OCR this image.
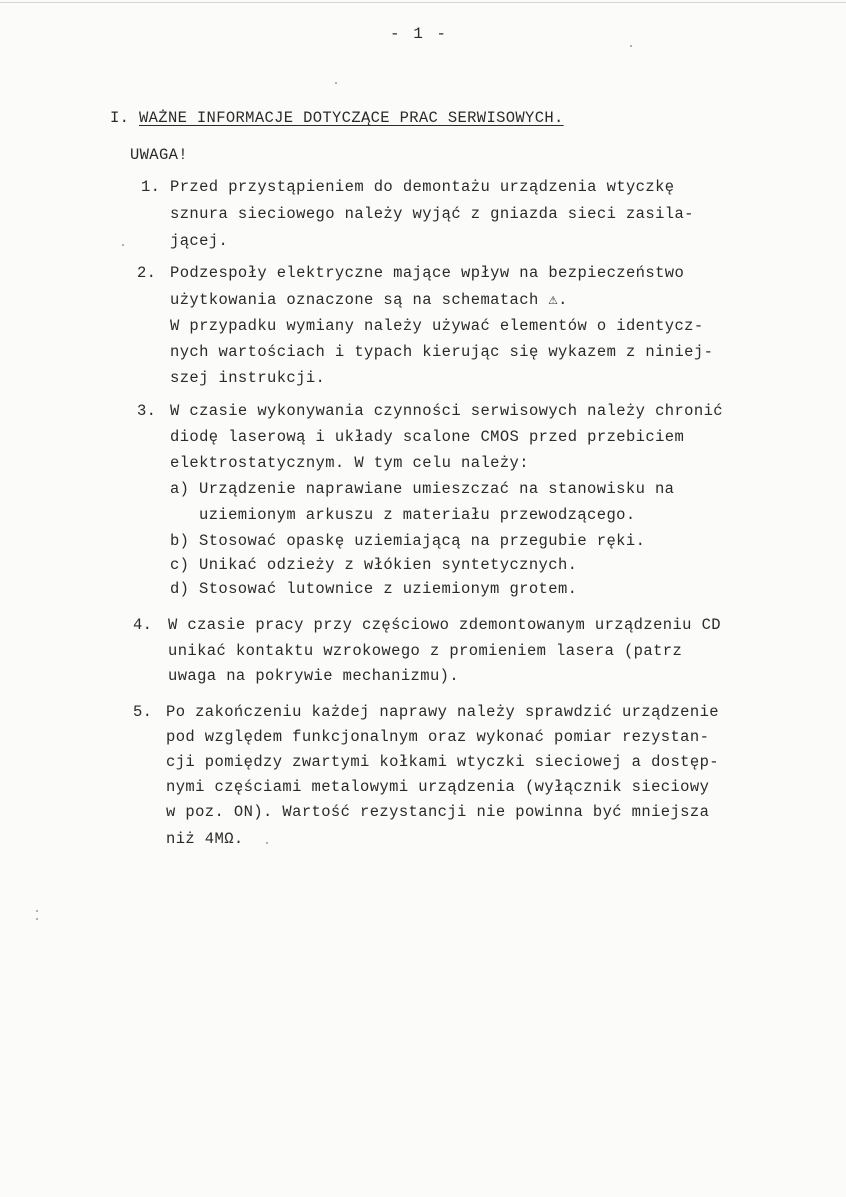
- 1 -
I. WAŻNE INFORMACJE DOTYCZĄCE PRAC SERWISOWYCH.
UWAGA!
1. Przed przystąpieniem do demontażu urządzenia wtyczkę
sznura sieciowego należy wyjąć z gniazda sieci zasila-
jącej.
2. Podzespoły elektryczne mające wpływ na bezpieczeństwo
użytkowania oznaczone są na schematach ⚠.
W przypadku wymiany należy używać elementów o identycz-
nych wartościach i typach kierując się wykazem z niniej-
szej instrukcji.
3. W czasie wykonywania czynności serwisowych należy chronić
diodę laserową i układy scalone CMOS przed przebiciem
elektrostatycznym. W tym celu należy:
a) Urządzenie naprawiane umieszczać na stanowisku na
uziemionym arkuszu z materiału przewodzącego.
b) Stosować opaskę uziemiającą na przegubie ręki.
c) Unikać odzieży z włókien syntetycznych.
d) Stosować lutownice z uziemionym grotem.
4. W czasie pracy przy częściowo zdemontowanym urządzeniu CD
unikać kontaktu wzrokowego z promieniem lasera (patrz
uwaga na pokrywie mechanizmu).
5. Po zakończeniu każdej naprawy należy sprawdzić urządzenie
pod względem funkcjonalnym oraz wykonać pomiar rezystan-
cji pomiędzy zwartymi kołkami wtyczki sieciowej a dostęp-
nymi częściami metalowymi urządzenia (wyłącznik sieciowy
w poz. ON). Wartość rezystancji nie powinna być mniejsza
niż 4MΩ.
